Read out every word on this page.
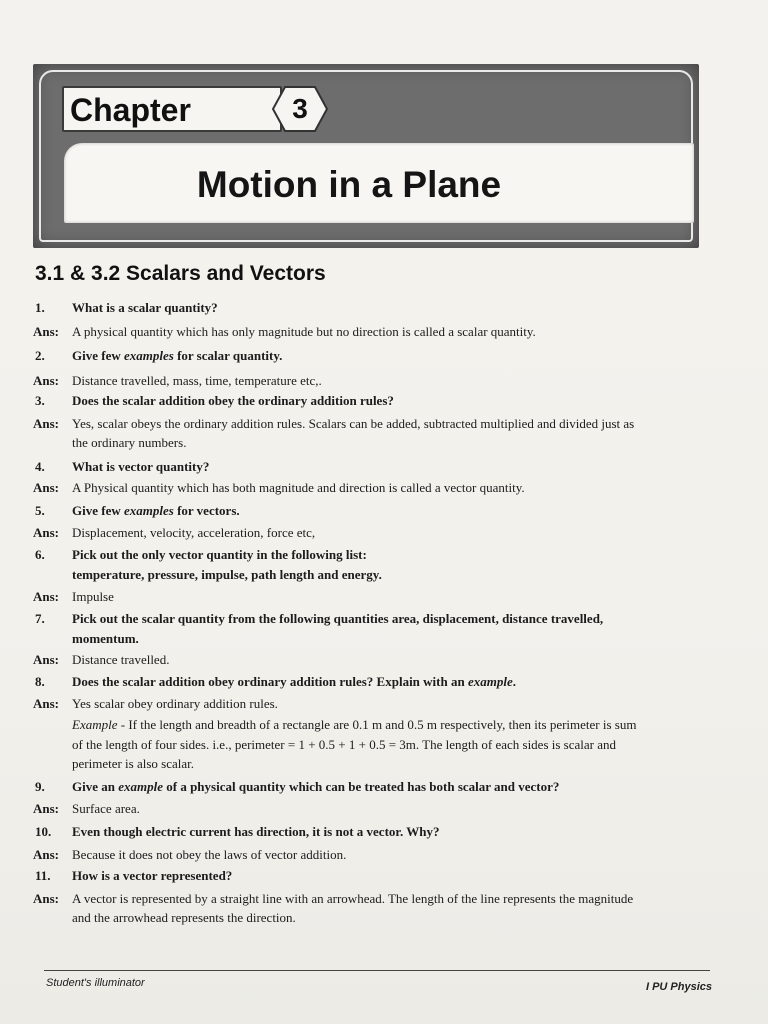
Chapter	3
Motion in a Plane
3.1 & 3.2 Scalars and Vectors
1. What is a scalar quantity?
Ans: A physical quantity which has only magnitude but no direction is called a scalar quantity.
2. Give few examples for scalar quantity.
Ans: Distance travelled, mass, time, temperature etc,.
3. Does the scalar addition obey the ordinary addition rules?
Ans: Yes, scalar obeys the ordinary addition rules. Scalars can be added, subtracted multiplied and divided just as
the ordinary numbers.
4. What is vector quantity?
Ans: A Physical quantity which has both magnitude and direction is called a vector quantity.
5. Give few examples for vectors.
Ans: Displacement, velocity, acceleration, force etc,
6. Pick out the only vector quantity in the following list:
temperature, pressure, impulse, path length and energy.
Ans: Impulse
7. Pick out the scalar quantity from the following quantities area, displacement, distance travelled,
momentum.
Ans: Distance travelled.
8. Does the scalar addition obey ordinary addition rules? Explain with an example.
Ans: Yes scalar obey ordinary addition rules.
Example - If the length and breadth of a rectangle are 0.1 m and 0.5 m respectively, then its perimeter is sum
of the length of four sides. i.e., perimeter = 1 + 0.5 + 1 + 0.5 = 3m. The length of each sides is scalar and
perimeter is also scalar.
9. Give an example of a physical quantity which can be treated has both scalar and vector?
Ans: Surface area.
10. Even though electric current has direction, it is not a vector. Why?
Ans: Because it does not obey the laws of vector addition.
11. How is a vector represented?
Ans: A vector is represented by a straight line with an arrowhead. The length of the line represents the magnitude
and the arrowhead represents the direction.
Student's illuminator	I PU Physics
